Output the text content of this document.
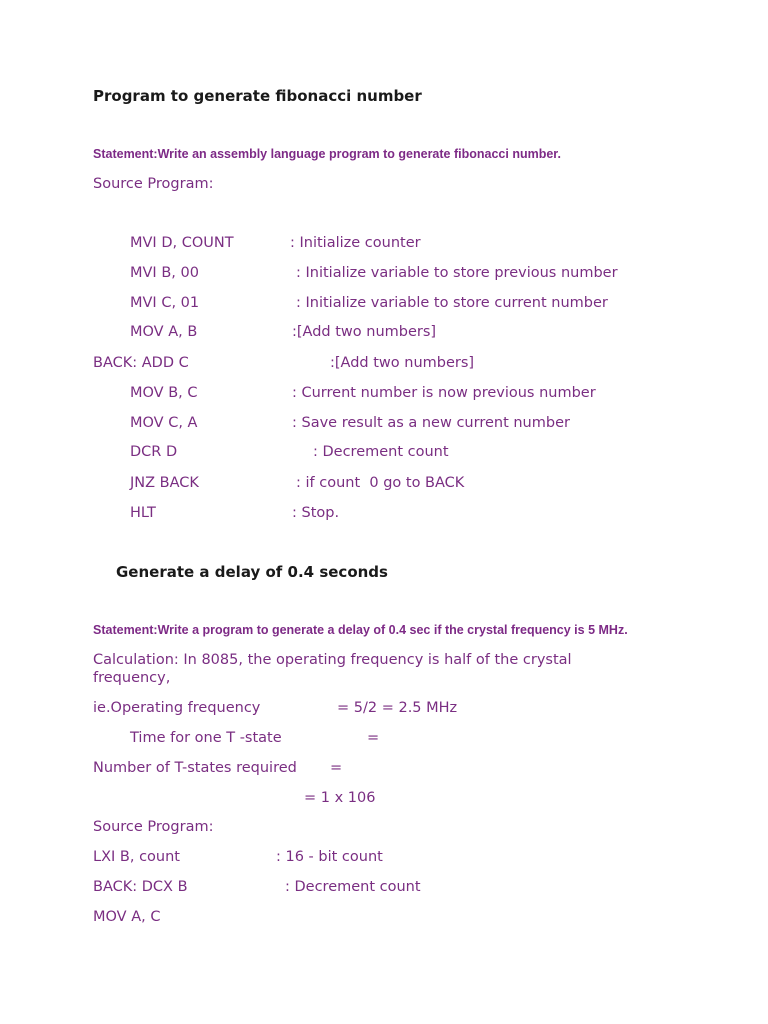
Program to generate fibonacci number
Statement:Write an assembly language program to generate fibonacci number.
Source Program:
MVI D, COUNT	: Initialize counter
MVI B, 00	: Initialize variable to store previous number
MVI C, 01	: Initialize variable to store current number
MOV A, B	:[Add two numbers]
BACK: ADD C	:[Add two numbers]
MOV B, C	: Current number is now previous number
MOV C, A	: Save result as a new current number
DCR D	: Decrement count
JNZ BACK	: if count  0 go to BACK
HLT	: Stop.
Generate a delay of 0.4 seconds
Statement:Write a program to generate a delay of 0.4 sec if the crystal frequency is 5 MHz.
Calculation: In 8085, the operating frequency is half of the crystal
frequency,
ie.Operating frequency	= 5/2 = 2.5 MHz
Time for one T -state	=
Number of T-states required =
= 1 x 106
Source Program:
LXI B, count	: 16 - bit count
BACK: DCX B	: Decrement count
MOV A, C
